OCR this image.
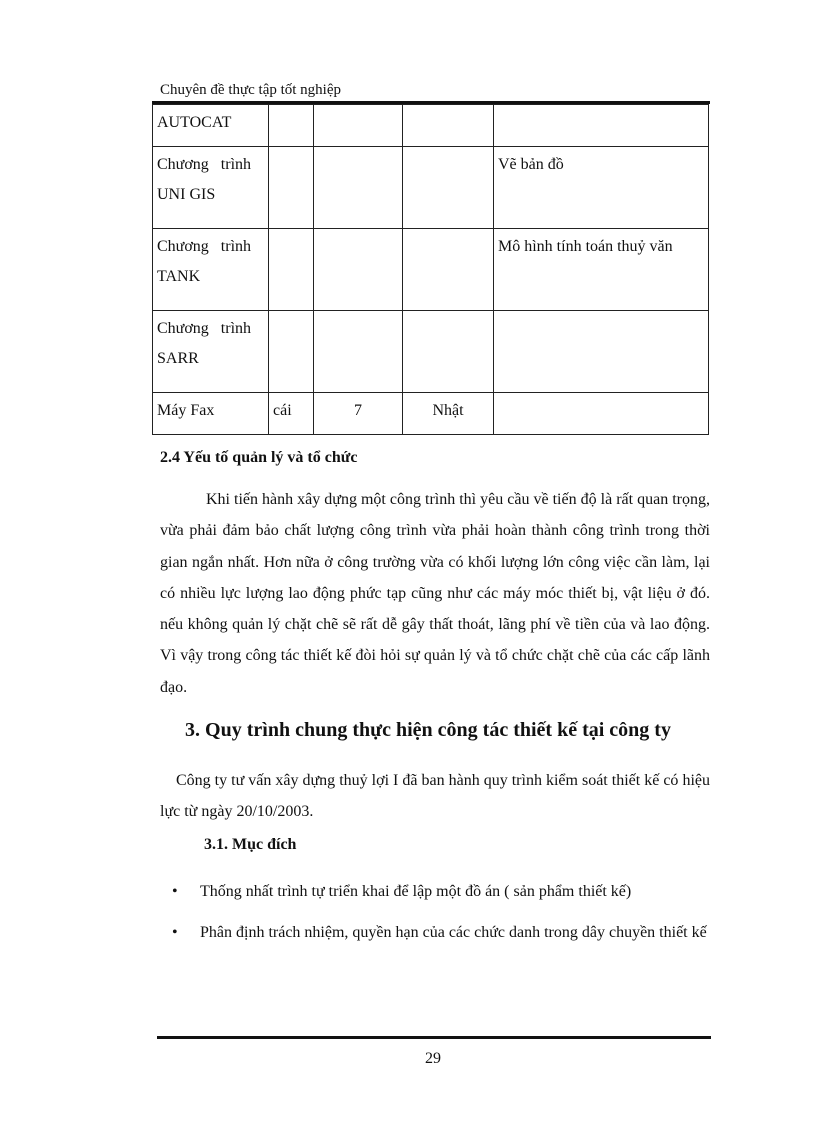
Chuyên đề thực tập tốt nghiệp
AUTOCAT				

Chương   trình
UNI GIS				Vẽ bản đồ

Chương   trình
TANK				Mô hình tính toán thuỷ văn

Chương   trình
SARR				

Máy Fax	cái	7	Nhật	
2.4 Yếu tố quản lý và tổ chức
Khi tiến hành xây dựng một công trình thì yêu cầu về tiến độ là rất quan trọng, vừa phải đảm bảo chất lượng công trình vừa phải hoàn thành công trình trong thời gian ngắn nhất. Hơn nữa ở công trường vừa có khối lượng lớn công việc cần làm, lại có nhiều lực lượng lao động phức tạp cũng như các máy móc thiết bị, vật liệu ở đó. nếu không quản lý chặt chẽ sẽ rất dễ gây thất thoát, lãng phí về tiền của và lao động. Vì vậy trong công tác thiết kế đòi hỏi sự quản lý và tổ chức chặt chẽ của các cấp lãnh đạo.
3. Quy trình chung thực hiện công tác thiết kế tại công ty
Công ty tư vấn xây dựng thuỷ lợi I đã ban hành quy trình kiểm soát thiết kế có hiệu lực từ ngày 20/10/2003.
3.1. Mục đích
• Thống nhất trình tự triển khai để lập một đồ án ( sản phẩm thiết kế)
• Phân định trách nhiệm, quyền hạn của các chức danh trong dây chuyền thiết kế
29
